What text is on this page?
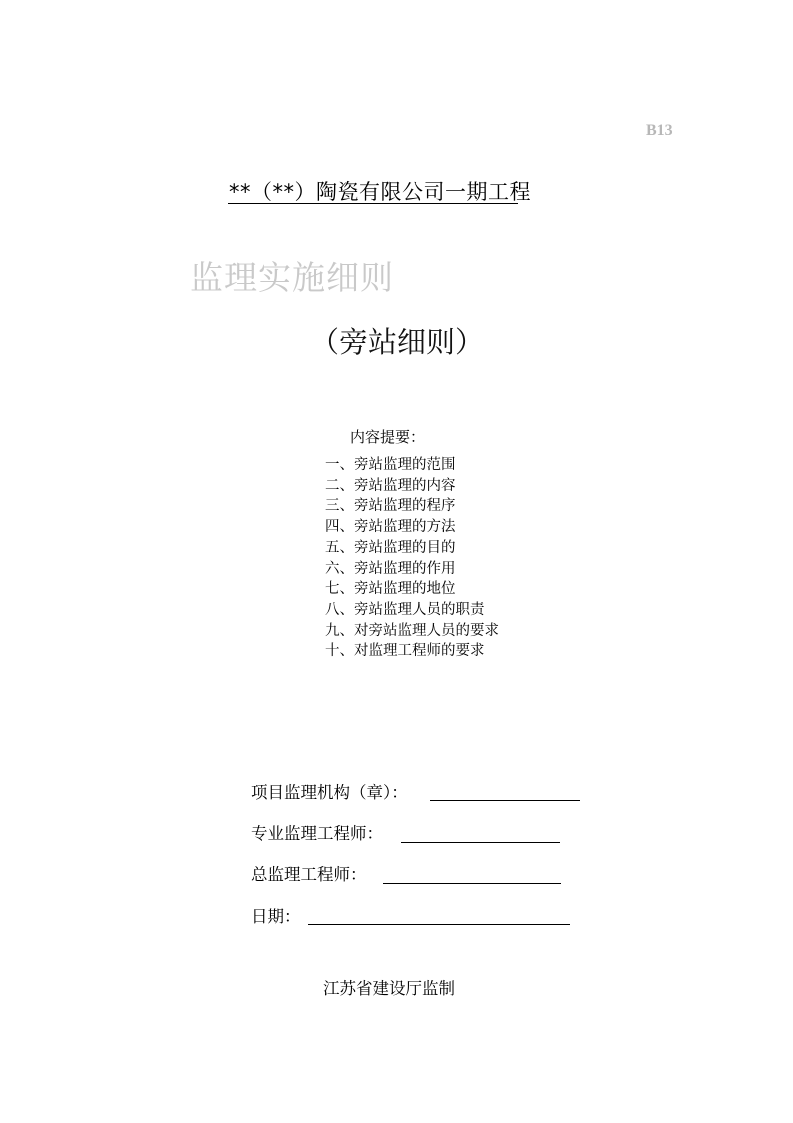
B13
**（**）陶瓷有限公司一期工程
监理实施细则
（旁站细则）
内容提要：
一、旁站监理的范围
二、旁站监理的内容
三、旁站监理的程序
四、旁站监理的方法
五、旁站监理的目的
六、旁站监理的作用
七、旁站监理的地位
八、旁站监理人员的职责
九、对旁站监理人员的要求
十、对监理工程师的要求
项目监理机构（章）：
专业监理工程师：
总监理工程师：
日期：
江苏省建设厅监制
